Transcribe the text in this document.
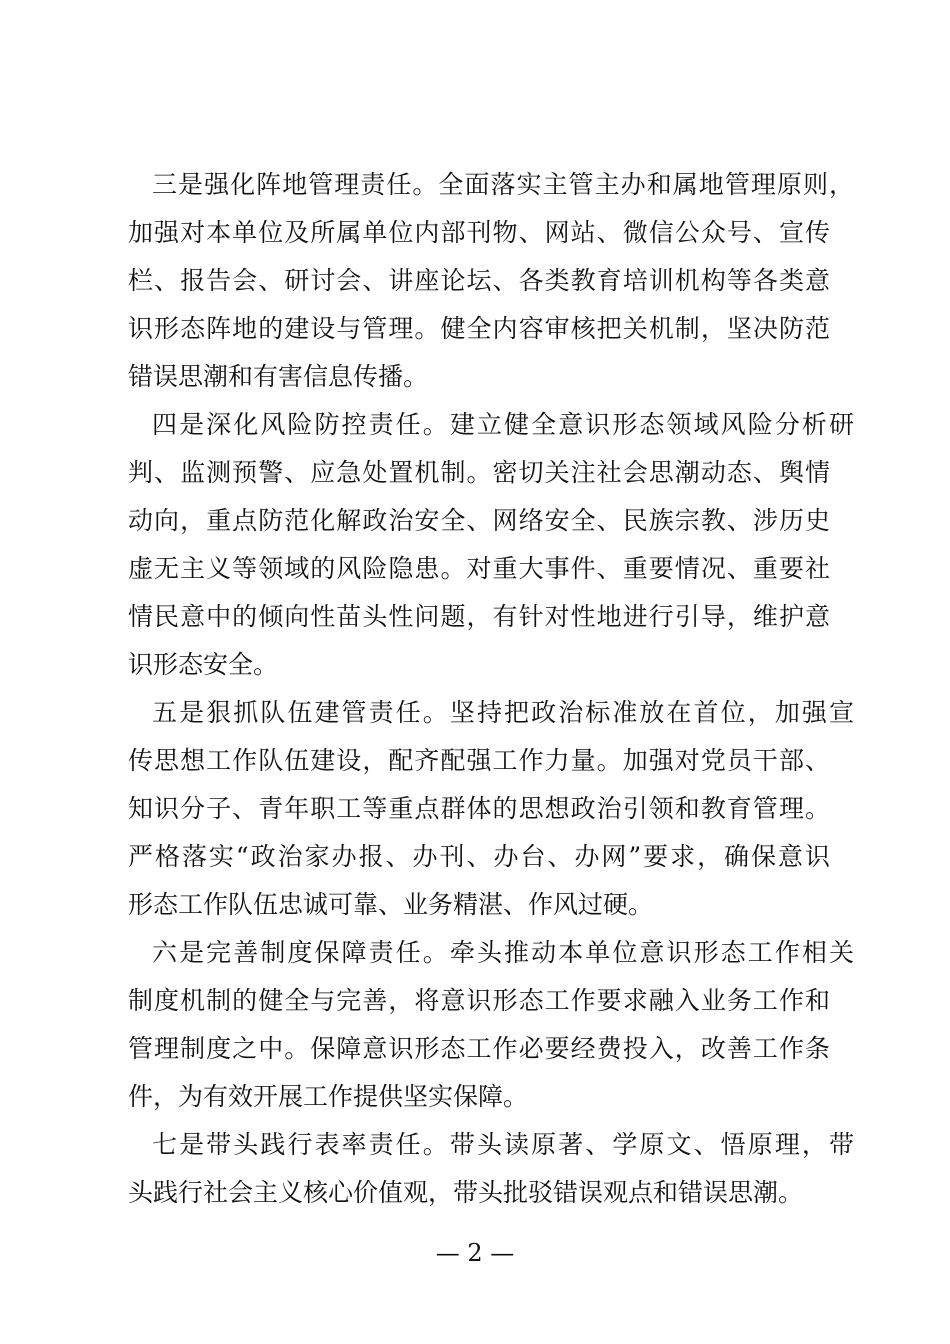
三是强化阵地管理责任。全面落实主管主办和属地管理原则，
加强对本单位及所属单位内部刊物、网站、微信公众号、宣传
栏、报告会、研讨会、讲座论坛、各类教育培训机构等各类意
识形态阵地的建设与管理。健全内容审核把关机制，坚决防范
错误思潮和有害信息传播。
四是深化风险防控责任。建立健全意识形态领域风险分析研
判、监测预警、应急处置机制。密切关注社会思潮动态、舆情
动向，重点防范化解政治安全、网络安全、民族宗教、涉历史
虚无主义等领域的风险隐患。对重大事件、重要情况、重要社
情民意中的倾向性苗头性问题，有针对性地进行引导，维护意
识形态安全。
五是狠抓队伍建管责任。坚持把政治标准放在首位，加强宣
传思想工作队伍建设，配齐配强工作力量。加强对党员干部、
知识分子、青年职工等重点群体的思想政治引领和教育管理。
严格落实“政治家办报、办刊、办台、办网”要求，确保意识
形态工作队伍忠诚可靠、业务精湛、作风过硬。
六是完善制度保障责任。牵头推动本单位意识形态工作相关
制度机制的健全与完善，将意识形态工作要求融入业务工作和
管理制度之中。保障意识形态工作必要经费投入，改善工作条
件，为有效开展工作提供坚实保障。
七是带头践行表率责任。带头读原著、学原文、悟原理，带
头践行社会主义核心价值观，带头批驳错误观点和错误思潮。
— 2 —
